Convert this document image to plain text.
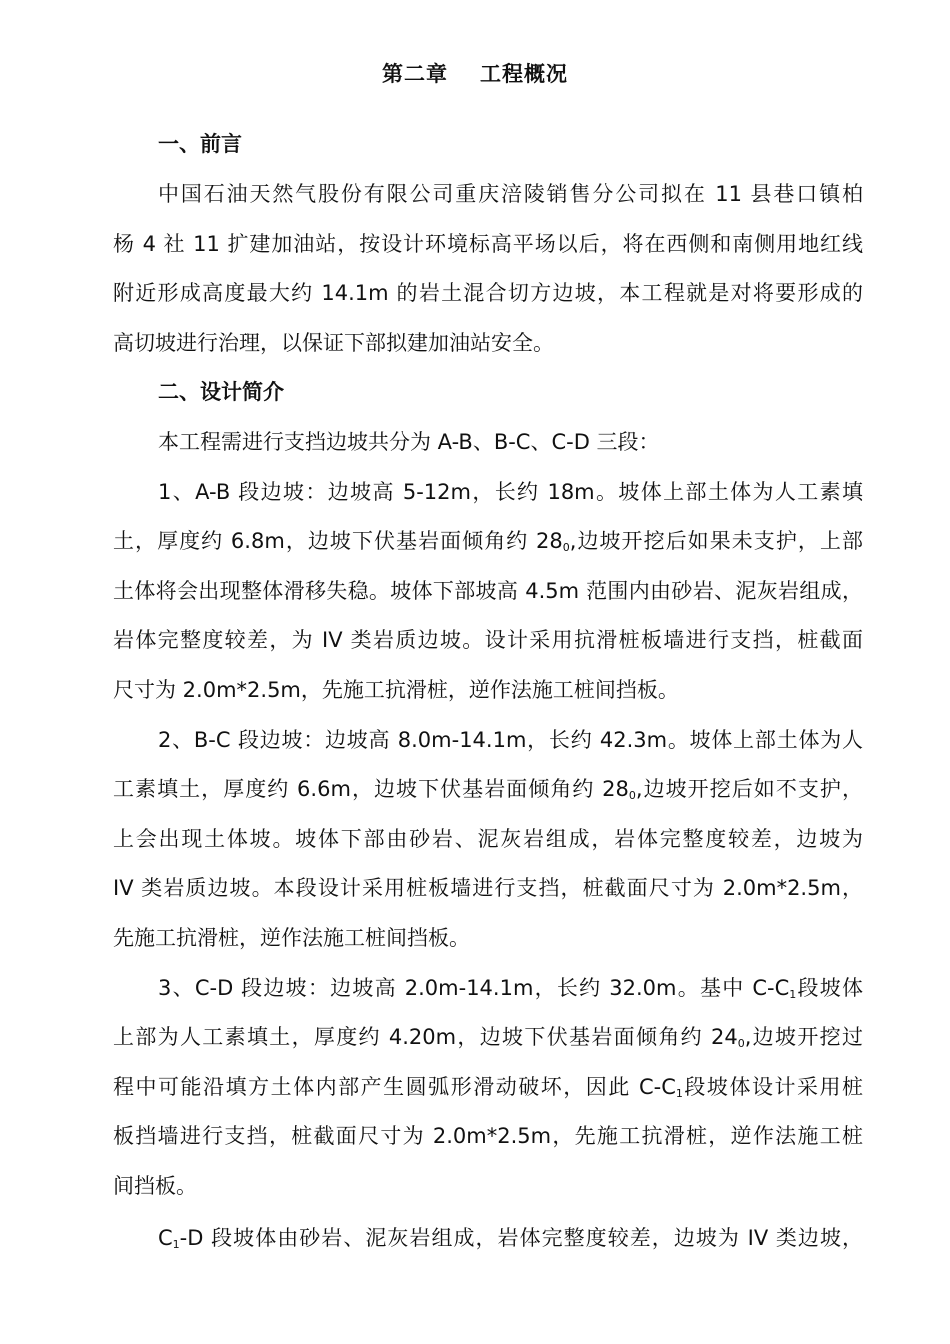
第二章 工程概况
一、前言
中国石油天然气股份有限公司重庆涪陵销售分公司拟在 11 县巷口镇柏
杨 4 社 11 扩建加油站，按设计环境标高平场以后，将在西侧和南侧用地红线
附近形成高度最大约 14.1m 的岩土混合切方边坡，本工程就是对将要形成的
高切坡进行治理，以保证下部拟建加油站安全。
二、设计简介
本工程需进行支挡边坡共分为 A-B、B-C、C-D 三段：
1、A-B 段边坡：边坡高 5-12m，长约 18m。坡体上部土体为人工素填
土，厚度约 6.8m，边坡下伏基岩面倾角约 $28_0$,边坡开挖后如果未支护，上部
土体将会出现整体滑移失稳。坡体下部坡高 4.5m 范围内由砂岩、泥灰岩组成，
岩体完整度较差，为 IV 类岩质边坡。设计采用抗滑桩板墙进行支挡，桩截面
尺寸为 2.0m*2.5m，先施工抗滑桩，逆作法施工桩间挡板。
2、B-C 段边坡：边坡高 8.0m-14.1m，长约 42.3m。坡体上部土体为人
工素填土，厚度约 6.6m，边坡下伏基岩面倾角约 $28_0$,边坡开挖后如不支护，
上会出现土体坡。坡体下部由砂岩、泥灰岩组成，岩体完整度较差，边坡为
IV 类岩质边坡。本段设计采用桩板墙进行支挡，桩截面尺寸为 2.0m*2.5m，
先施工抗滑桩，逆作法施工桩间挡板。
3、C-D 段边坡：边坡高 2.0m-14.1m，长约 32.0m。基中 $C-C_1$段坡体
上部为人工素填土，厚度约 4.20m，边坡下伏基岩面倾角约 $24_0$,边坡开挖过
程中可能沿填方土体内部产生圆弧形滑动破坏，因此 $C-C_1$段坡体设计采用桩
板挡墙进行支挡，桩截面尺寸为 2.0m*2.5m，先施工抗滑桩，逆作法施工桩
间挡板。
$C_1-D$ 段坡体由砂岩、泥灰岩组成，岩体完整度较差，边坡为 IV 类边坡，
